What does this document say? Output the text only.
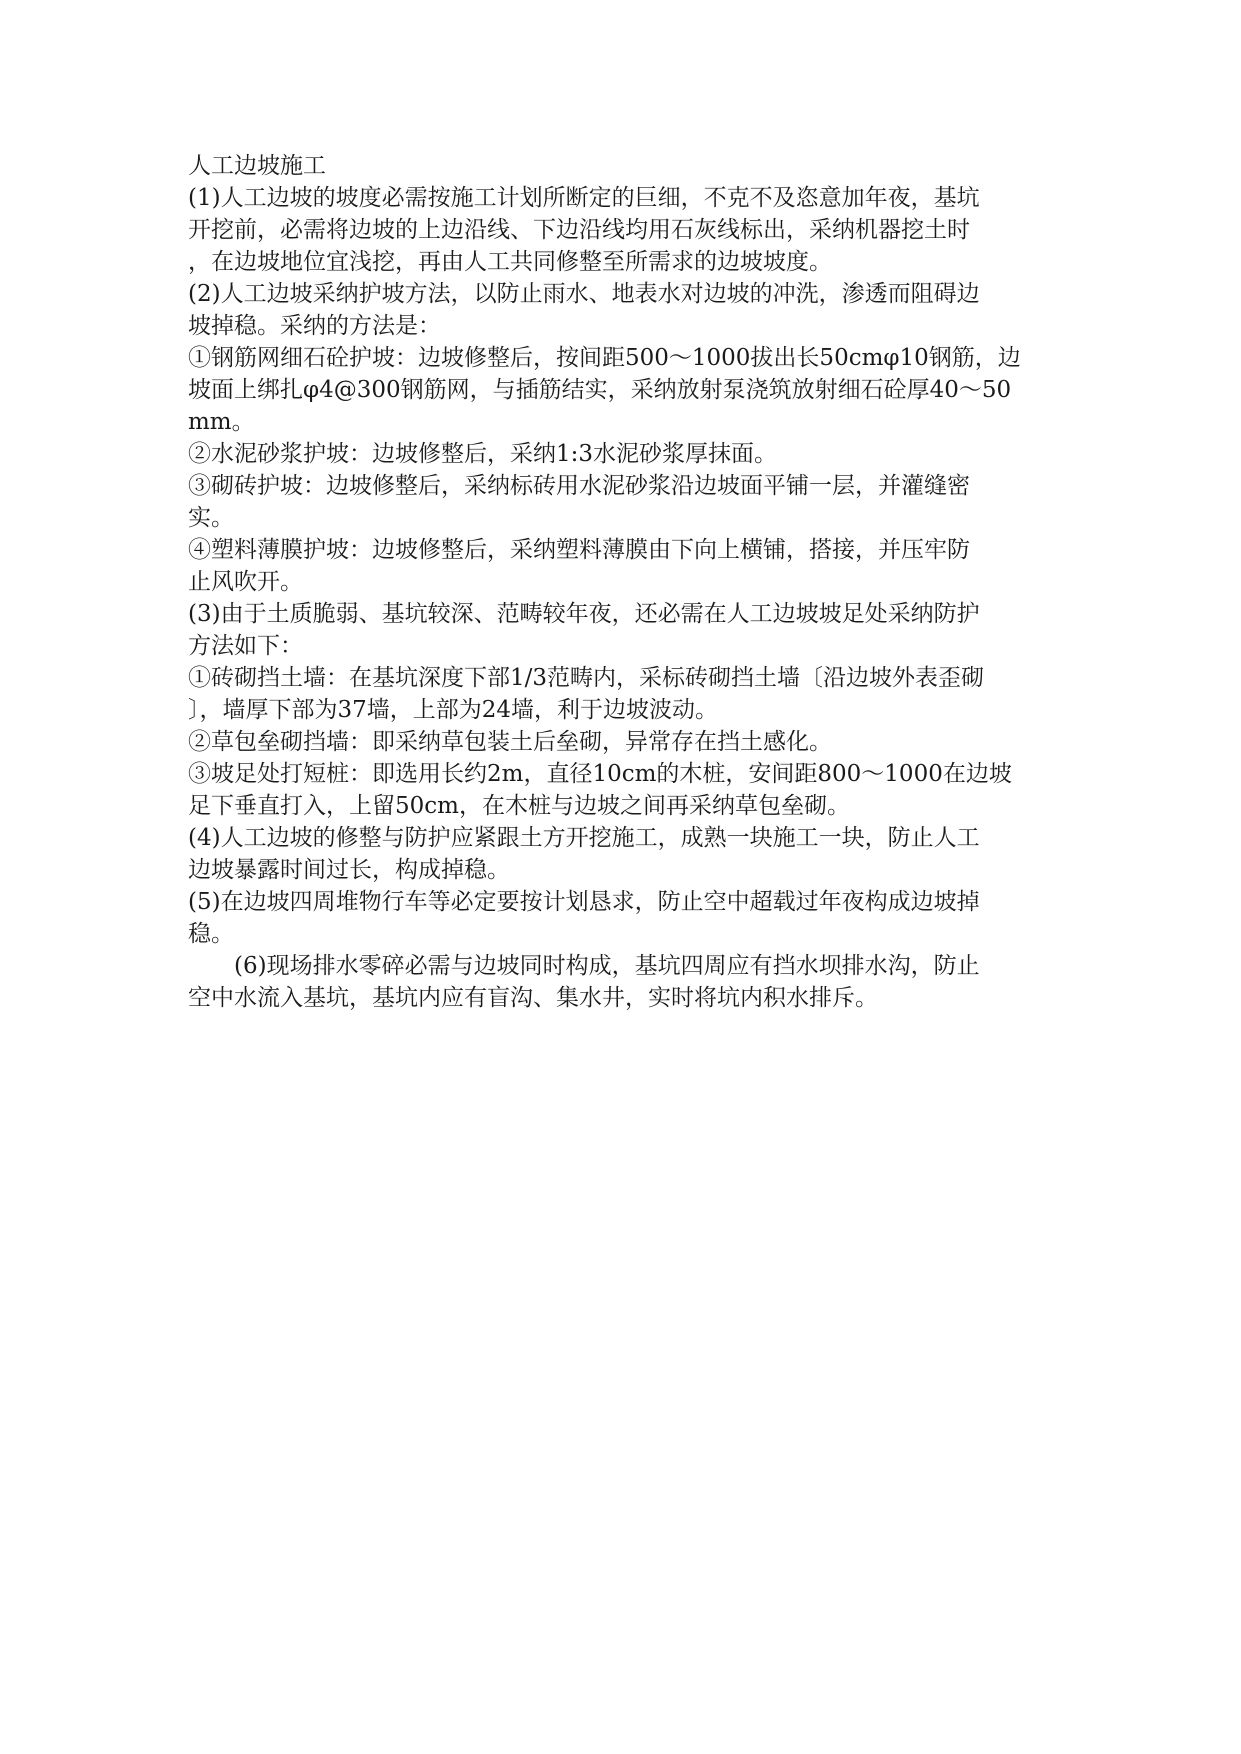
人工边坡施工
(1)人工边坡的坡度必需按施工计划所断定的巨细，不克不及恣意加年夜，基坑
开挖前，必需将边坡的上边沿线、下边沿线均用石灰线标出，采纳机器挖土时
，在边坡地位宜浅挖，再由人工共同修整至所需求的边坡坡度。
(2)人工边坡采纳护坡方法，以防止雨水、地表水对边坡的冲洗，渗透而阻碍边
坡掉稳。采纳的方法是：
①钢筋网细石砼护坡：边坡修整后，按间距500～1000拔出长50cmφ10钢筋，边
坡面上绑扎φ4@300钢筋网，与插筋结实，采纳放射泵浇筑放射细石砼厚40～50
mm。
②水泥砂浆护坡：边坡修整后，采纳1:3水泥砂浆厚抹面。
③砌砖护坡：边坡修整后，采纳标砖用水泥砂浆沿边坡面平铺一层，并灌缝密
实。
④塑料薄膜护坡：边坡修整后，采纳塑料薄膜由下向上横铺，搭接，并压牢防
止风吹开。
(3)由于土质脆弱、基坑较深、范畴较年夜，还必需在人工边坡坡足处采纳防护
方法如下：
①砖砌挡土墙：在基坑深度下部1/3范畴内，采标砖砌挡土墙〔沿边坡外表歪砌
〕，墙厚下部为37墙，上部为24墙，利于边坡波动。
②草包垒砌挡墙：即采纳草包装土后垒砌，异常存在挡土感化。
③坡足处打短桩：即选用长约2m，直径10cm的木桩，安间距800～1000在边坡
足下垂直打入，上留50cm，在木桩与边坡之间再采纳草包垒砌。
(4)人工边坡的修整与防护应紧跟土方开挖施工，成熟一块施工一块，防止人工
边坡暴露时间过长，构成掉稳。
(5)在边坡四周堆物行车等必定要按计划恳求，防止空中超载过年夜构成边坡掉
稳。
(6)现场排水零碎必需与边坡同时构成，基坑四周应有挡水坝排水沟，防止
空中水流入基坑，基坑内应有盲沟、集水井，实时将坑内积水排斥。
